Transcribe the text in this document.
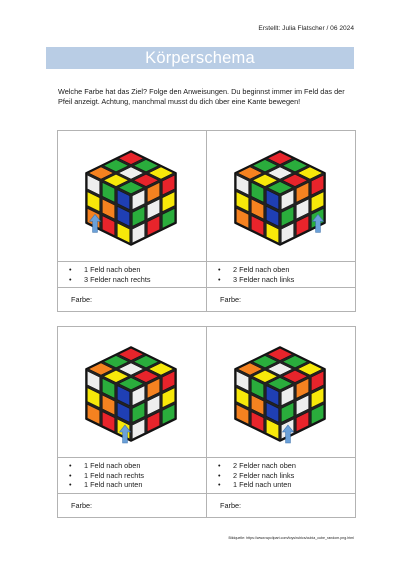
Erstellt: Julia Flatscher / 06 2024
Körperschema
Welche Farbe hat das Ziel? Folge den Anweisungen. Du beginnst immer im Feld das der Pfeil anzeigt. Achtung, manchmal musst du dich über eine Kante bewegen!
• 1 Feld nach oben
• 3 Felder nach rechts
• 2 Feld nach oben
• 3 Felder nach links
Farbe:	Farbe:
• 1 Feld nach oben
• 1 Feld nach rechts
• 1 Feld nach unten
• 2 Felder nach oben
• 2 Felder nach links
• 1 Feld nach unten
Farbe:	Farbe:
Bildquelle: https://www.wpclipart.com/toys/rubics/cubia_cube_random.png.html
